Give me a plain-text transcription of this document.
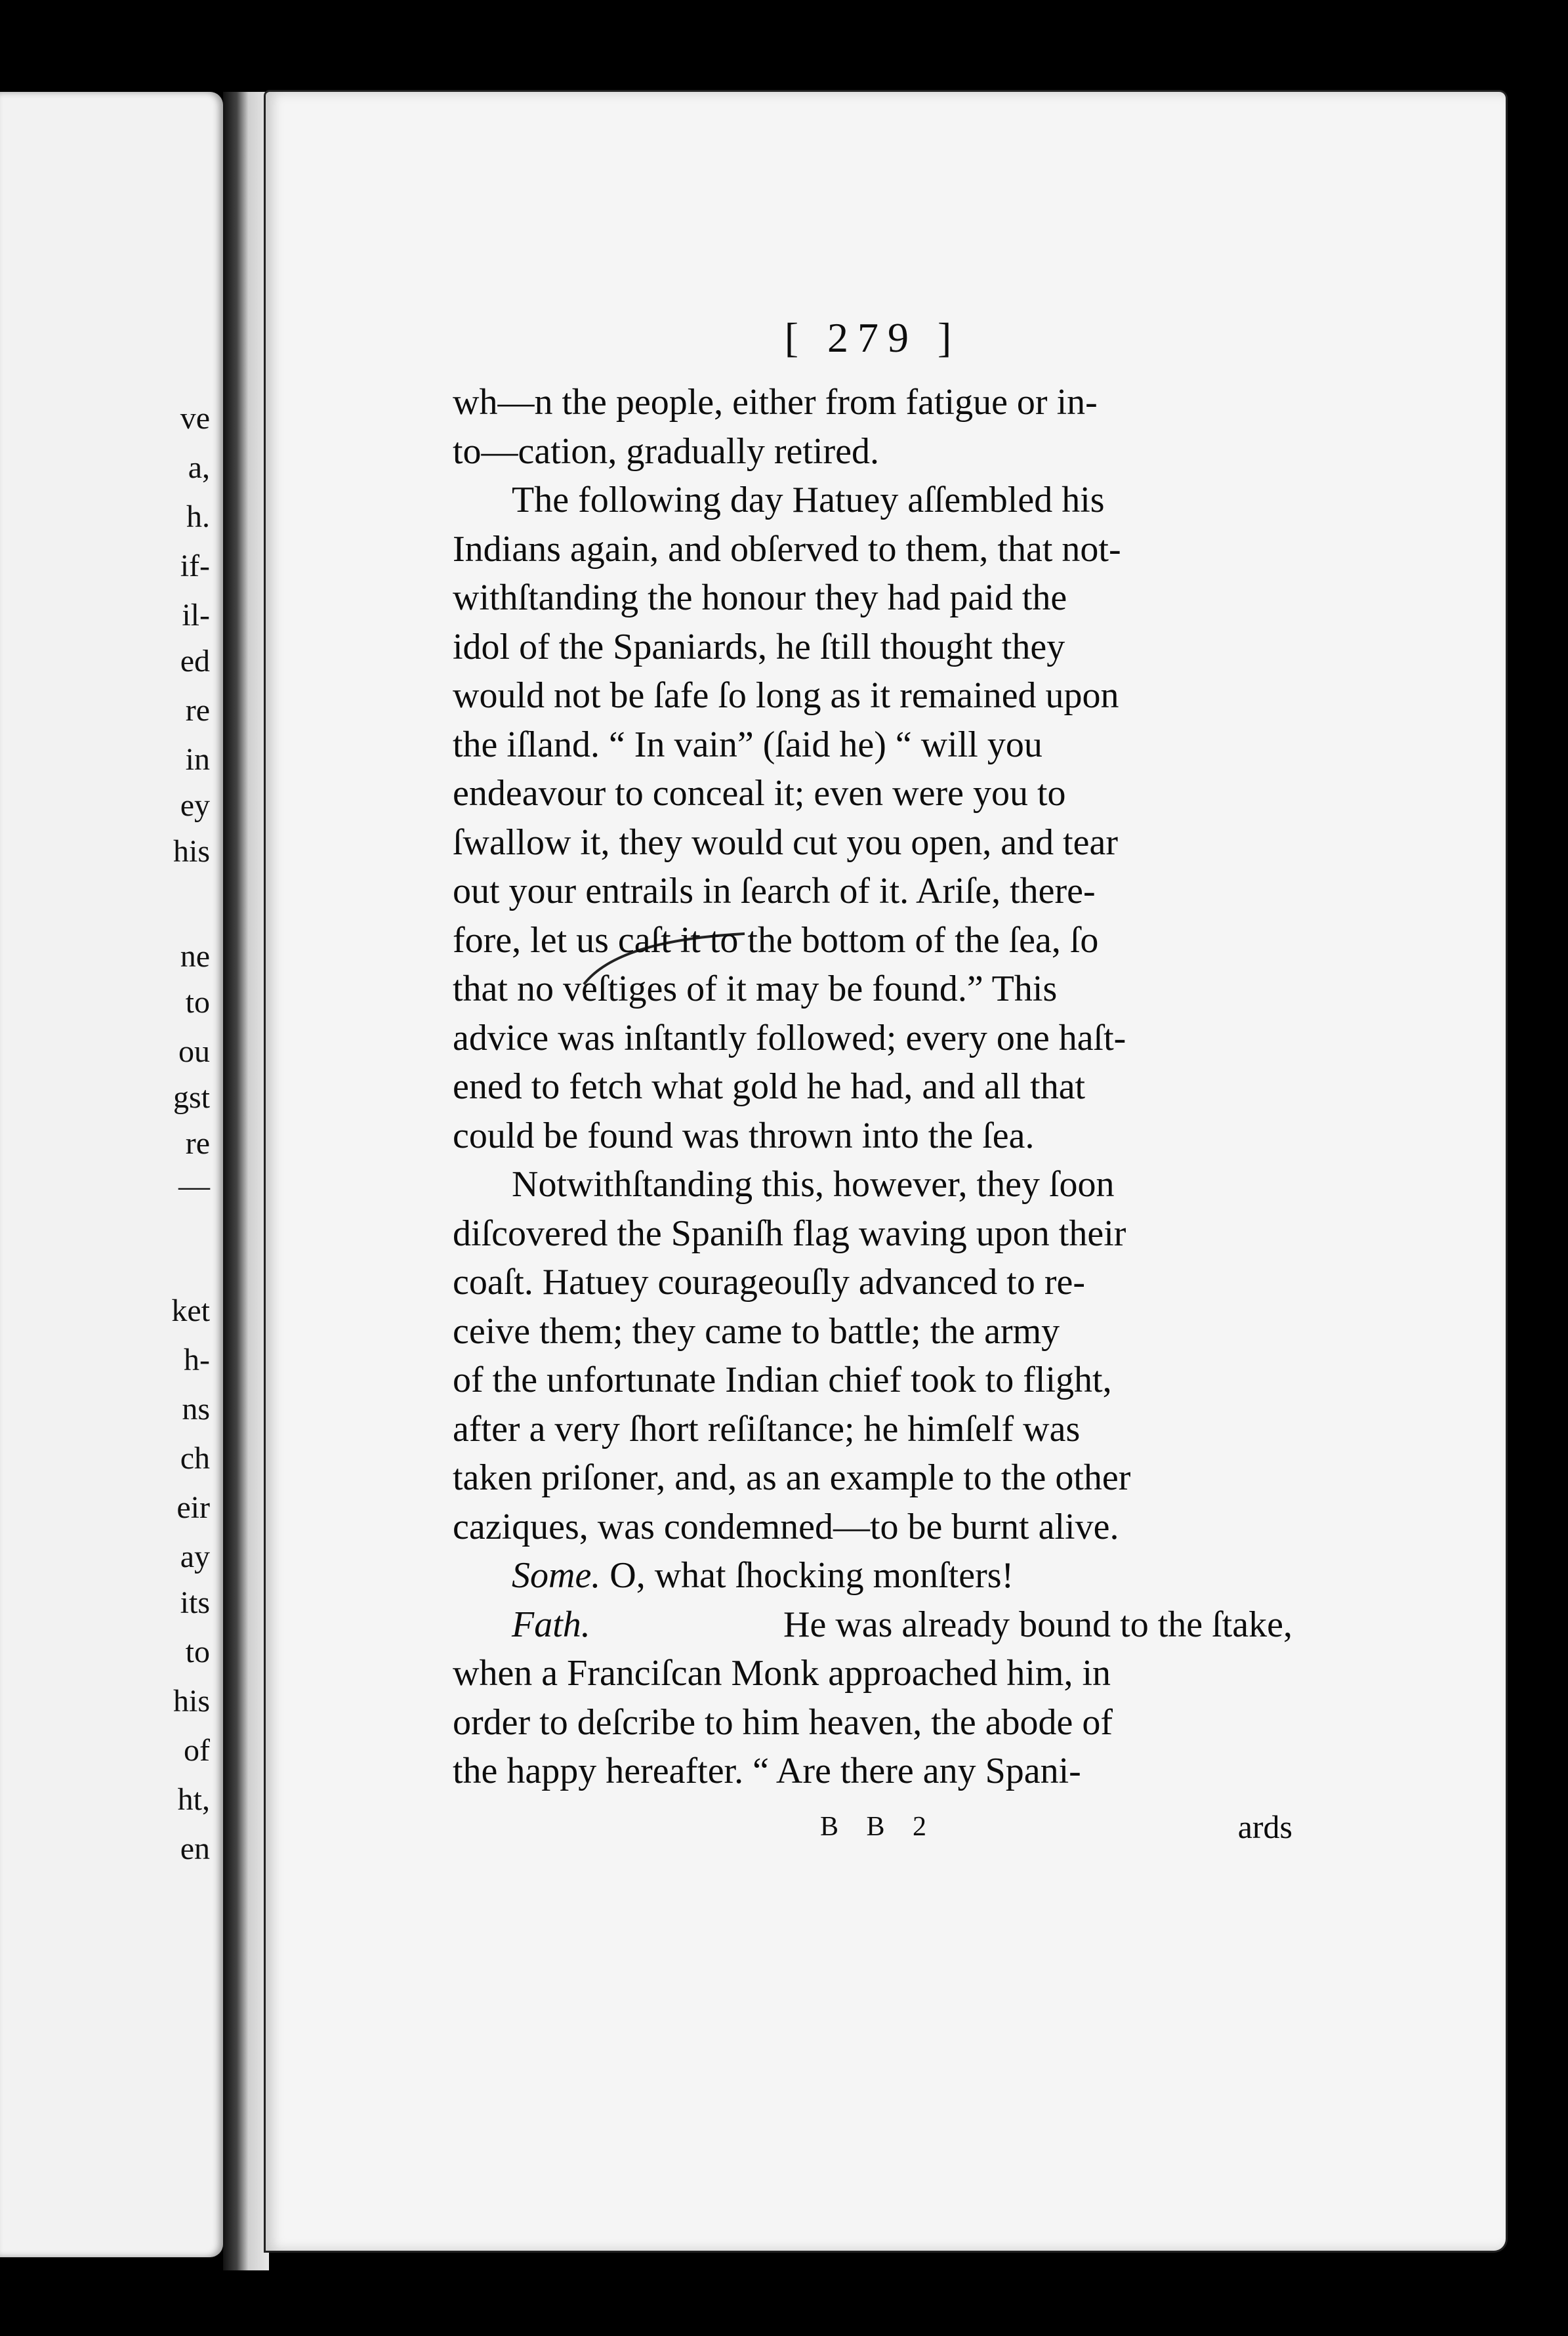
ve
a,
h.
if-
il-
ed
re
in
ey
his
ne
to
ou
gst
re
—
ket
h-
ns
ch
eir
ay
its
to
his
of
ht,
en
[ 279 ]
wh—n the people, either from fatigue or in-
to—cation, gradually retired.
The following day Hatuey aſſembled his
Indians again, and obſerved to them, that not-
withſtanding the honour they had paid the
idol of the Spaniards, he ſtill thought they
would not be ſafe ſo long as it remained upon
the iſland. “ In vain” (ſaid he) “ will you
endeavour to conceal it; even were you to
ſwallow it, they would cut you open, and tear
out your entrails in ſearch of it. Ariſe, there-
fore, let us caſt it to the bottom of the ſea, ſo
that no veſtiges of it may be found.” This
advice was inſtantly followed; every one haſt-
ened to fetch what gold he had, and all that
could be found was thrown into the ſea.
Notwithſtanding this, however, they ſoon
diſcovered the Spaniſh flag waving upon their
coaſt. Hatuey courageouſly advanced to re-
ceive them; they came to battle; the army
of the unfortunate Indian chief took to flight,
after a very ſhort reſiſtance; he himſelf was
taken priſoner, and, as an example to the other
caziques, was condemned—to be burnt alive.
Some.
O, what ſhocking monſters!
Fath.
	He was already bound to the ſtake,
when a Franciſcan Monk approached him, in
order to deſcribe to him heaven, the abode of
the happy hereafter. “ Are there any Spani-
B B 2	ards
